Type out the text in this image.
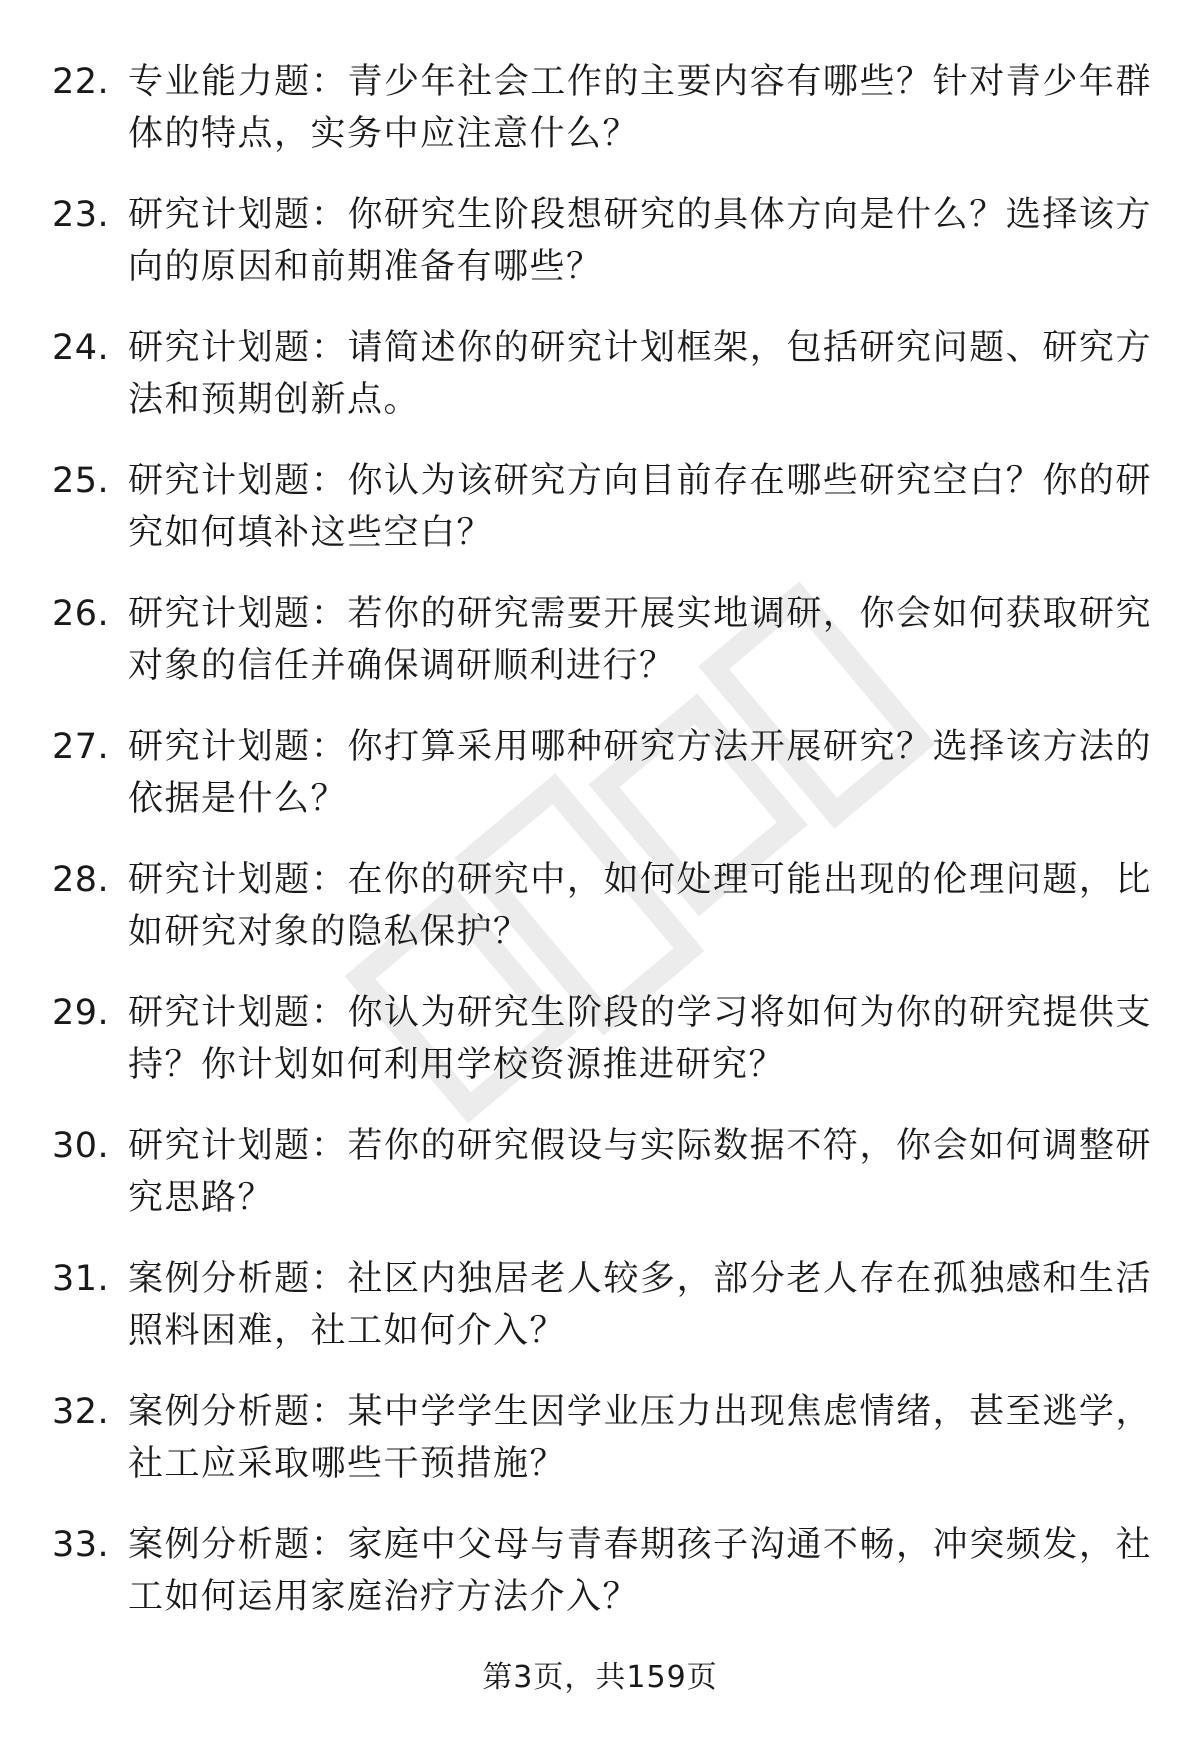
22. 专业能力题：青少年社会工作的主要内容有哪些？针对青少年群体的特点，实务中应注意什么？
23. 研究计划题：你研究生阶段想研究的具体方向是什么？选择该方向的原因和前期准备有哪些？
24. 研究计划题：请简述你的研究计划框架，包括研究问题、研究方法和预期创新点。
25. 研究计划题：你认为该研究方向目前存在哪些研究空白？你的研究如何填补这些空白？
26. 研究计划题：若你的研究需要开展实地调研，你会如何获取研究对象的信任并确保调研顺利进行？
27. 研究计划题：你打算采用哪种研究方法开展研究？选择该方法的依据是什么？
28. 研究计划题：在你的研究中，如何处理可能出现的伦理问题，比如研究对象的隐私保护？
29. 研究计划题：你认为研究生阶段的学习将如何为你的研究提供支持？你计划如何利用学校资源推进研究？
30. 研究计划题：若你的研究假设与实际数据不符，你会如何调整研究思路？
31. 案例分析题：社区内独居老人较多，部分老人存在孤独感和生活照料困难，社工如何介入？
32. 案例分析题：某中学学生因学业压力出现焦虑情绪，甚至逃学，社工应采取哪些干预措施？
33. 案例分析题：家庭中父母与青春期孩子沟通不畅，冲突频发，社工如何运用家庭治疗方法介入？
第3页，共159页
